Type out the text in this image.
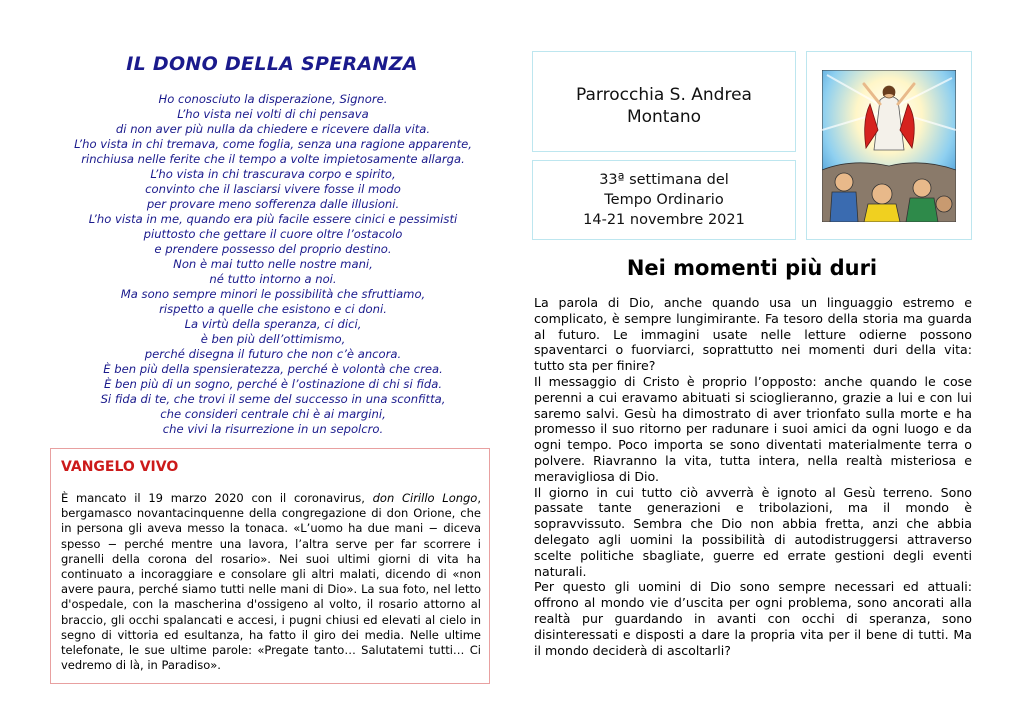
IL DONO DELLA SPERANZA
Ho conosciuto la disperazione, Signore.
L’ho vista nei volti di chi pensava
di non aver più nulla da chiedere e ricevere dalla vita.
L’ho vista in chi tremava, come foglia, senza una ragione apparente,
rinchiusa nelle ferite che il tempo a volte impietosamente allarga.
L’ho vista in chi trascurava corpo e spirito,
convinto che il lasciarsi vivere fosse il modo
per provare meno sofferenza dalle illusioni.
L’ho vista in me, quando era più facile essere cinici e pessimisti
piuttosto che gettare il cuore oltre l’ostacolo
e prendere possesso del proprio destino.
Non è mai tutto nelle nostre mani,
né tutto intorno a noi.
Ma sono sempre minori le possibilità che sfruttiamo,
rispetto a quelle che esistono e ci doni.
La virtù della speranza, ci dici,
è ben più dell’ottimismo,
perché disegna il futuro che non c’è ancora.
È ben più della spensieratezza, perché è volontà che crea.
È ben più di un sogno, perché è l’ostinazione di chi si fida.
Si fida di te, che trovi il seme del successo in una sconfitta,
che consideri centrale chi è ai margini,
che vivi la risurrezione in un sepolcro.
VANGELO VIVO

È mancato il 19 marzo 2020 con il coronavirus, don Cirillo Longo, bergamasco novantacinquenne della congregazione di don Orione, che in persona gli aveva messo la tonaca. «L’uomo ha due mani − diceva spesso − perché mentre una lavora, l’altra serve per far scorrere i granelli della corona del rosario». Nei suoi ultimi giorni di vita ha continuato a incoraggiare e consolare gli altri malati, dicendo di «non avere paura, perché siamo tutti nelle mani di Dio». La sua foto, nel letto d'ospedale, con la mascherina d'ossigeno al volto, il rosario attorno al braccio, gli occhi spalancati e accesi, i pugni chiusi ed elevati al cielo in segno di vittoria ed esultanza, ha fatto il giro dei media. Nelle ultime telefonate, le sue ultime parole: «Pregate tanto… Salutatemi tutti… Ci vedremo di là, in Paradiso».

Parrocchia S. Andrea
Montano
33ª settimana del
Tempo Ordinario
14-21 novembre 2021
Nei momenti più duri

La parola di Dio, anche quando usa un linguaggio estremo e complicato, è sempre lungimirante. Fa tesoro della storia ma guarda al futuro. Le immagini usate nelle letture odierne possono spaventarci o fuorviarci, soprattutto nei momenti duri della vita: tutto sta per finire?

Il messaggio di Cristo è proprio l’opposto: anche quando le cose perenni a cui eravamo abituati si scioglieranno, grazie a lui e con lui saremo salvi. Gesù ha dimostrato di aver trionfato sulla morte e ha promesso il suo ritorno per radunare i suoi amici da ogni luogo e da ogni tempo. Poco importa se sono diventati materialmente terra o polvere. Riavranno la vita, tutta intera, nella realtà misteriosa e meravigliosa di Dio.

Il giorno in cui tutto ciò avverrà è ignoto al Gesù terreno. Sono passate tante generazioni e tribolazioni, ma il mondo è sopravvissuto. Sembra che Dio non abbia fretta, anzi che abbia delegato agli uomini la possibilità di autodistruggersi attraverso scelte politiche sbagliate, guerre ed errate gestioni degli eventi naturali.

Per questo gli uomini di Dio sono sempre necessari ed attuali: offrono al mondo vie d’uscita per ogni problema, sono ancorati alla realtà pur guardando in avanti con occhi di speranza, sono disinteressati e disposti a dare la propria vita per il bene di tutti. Ma il mondo deciderà di ascoltarli?
